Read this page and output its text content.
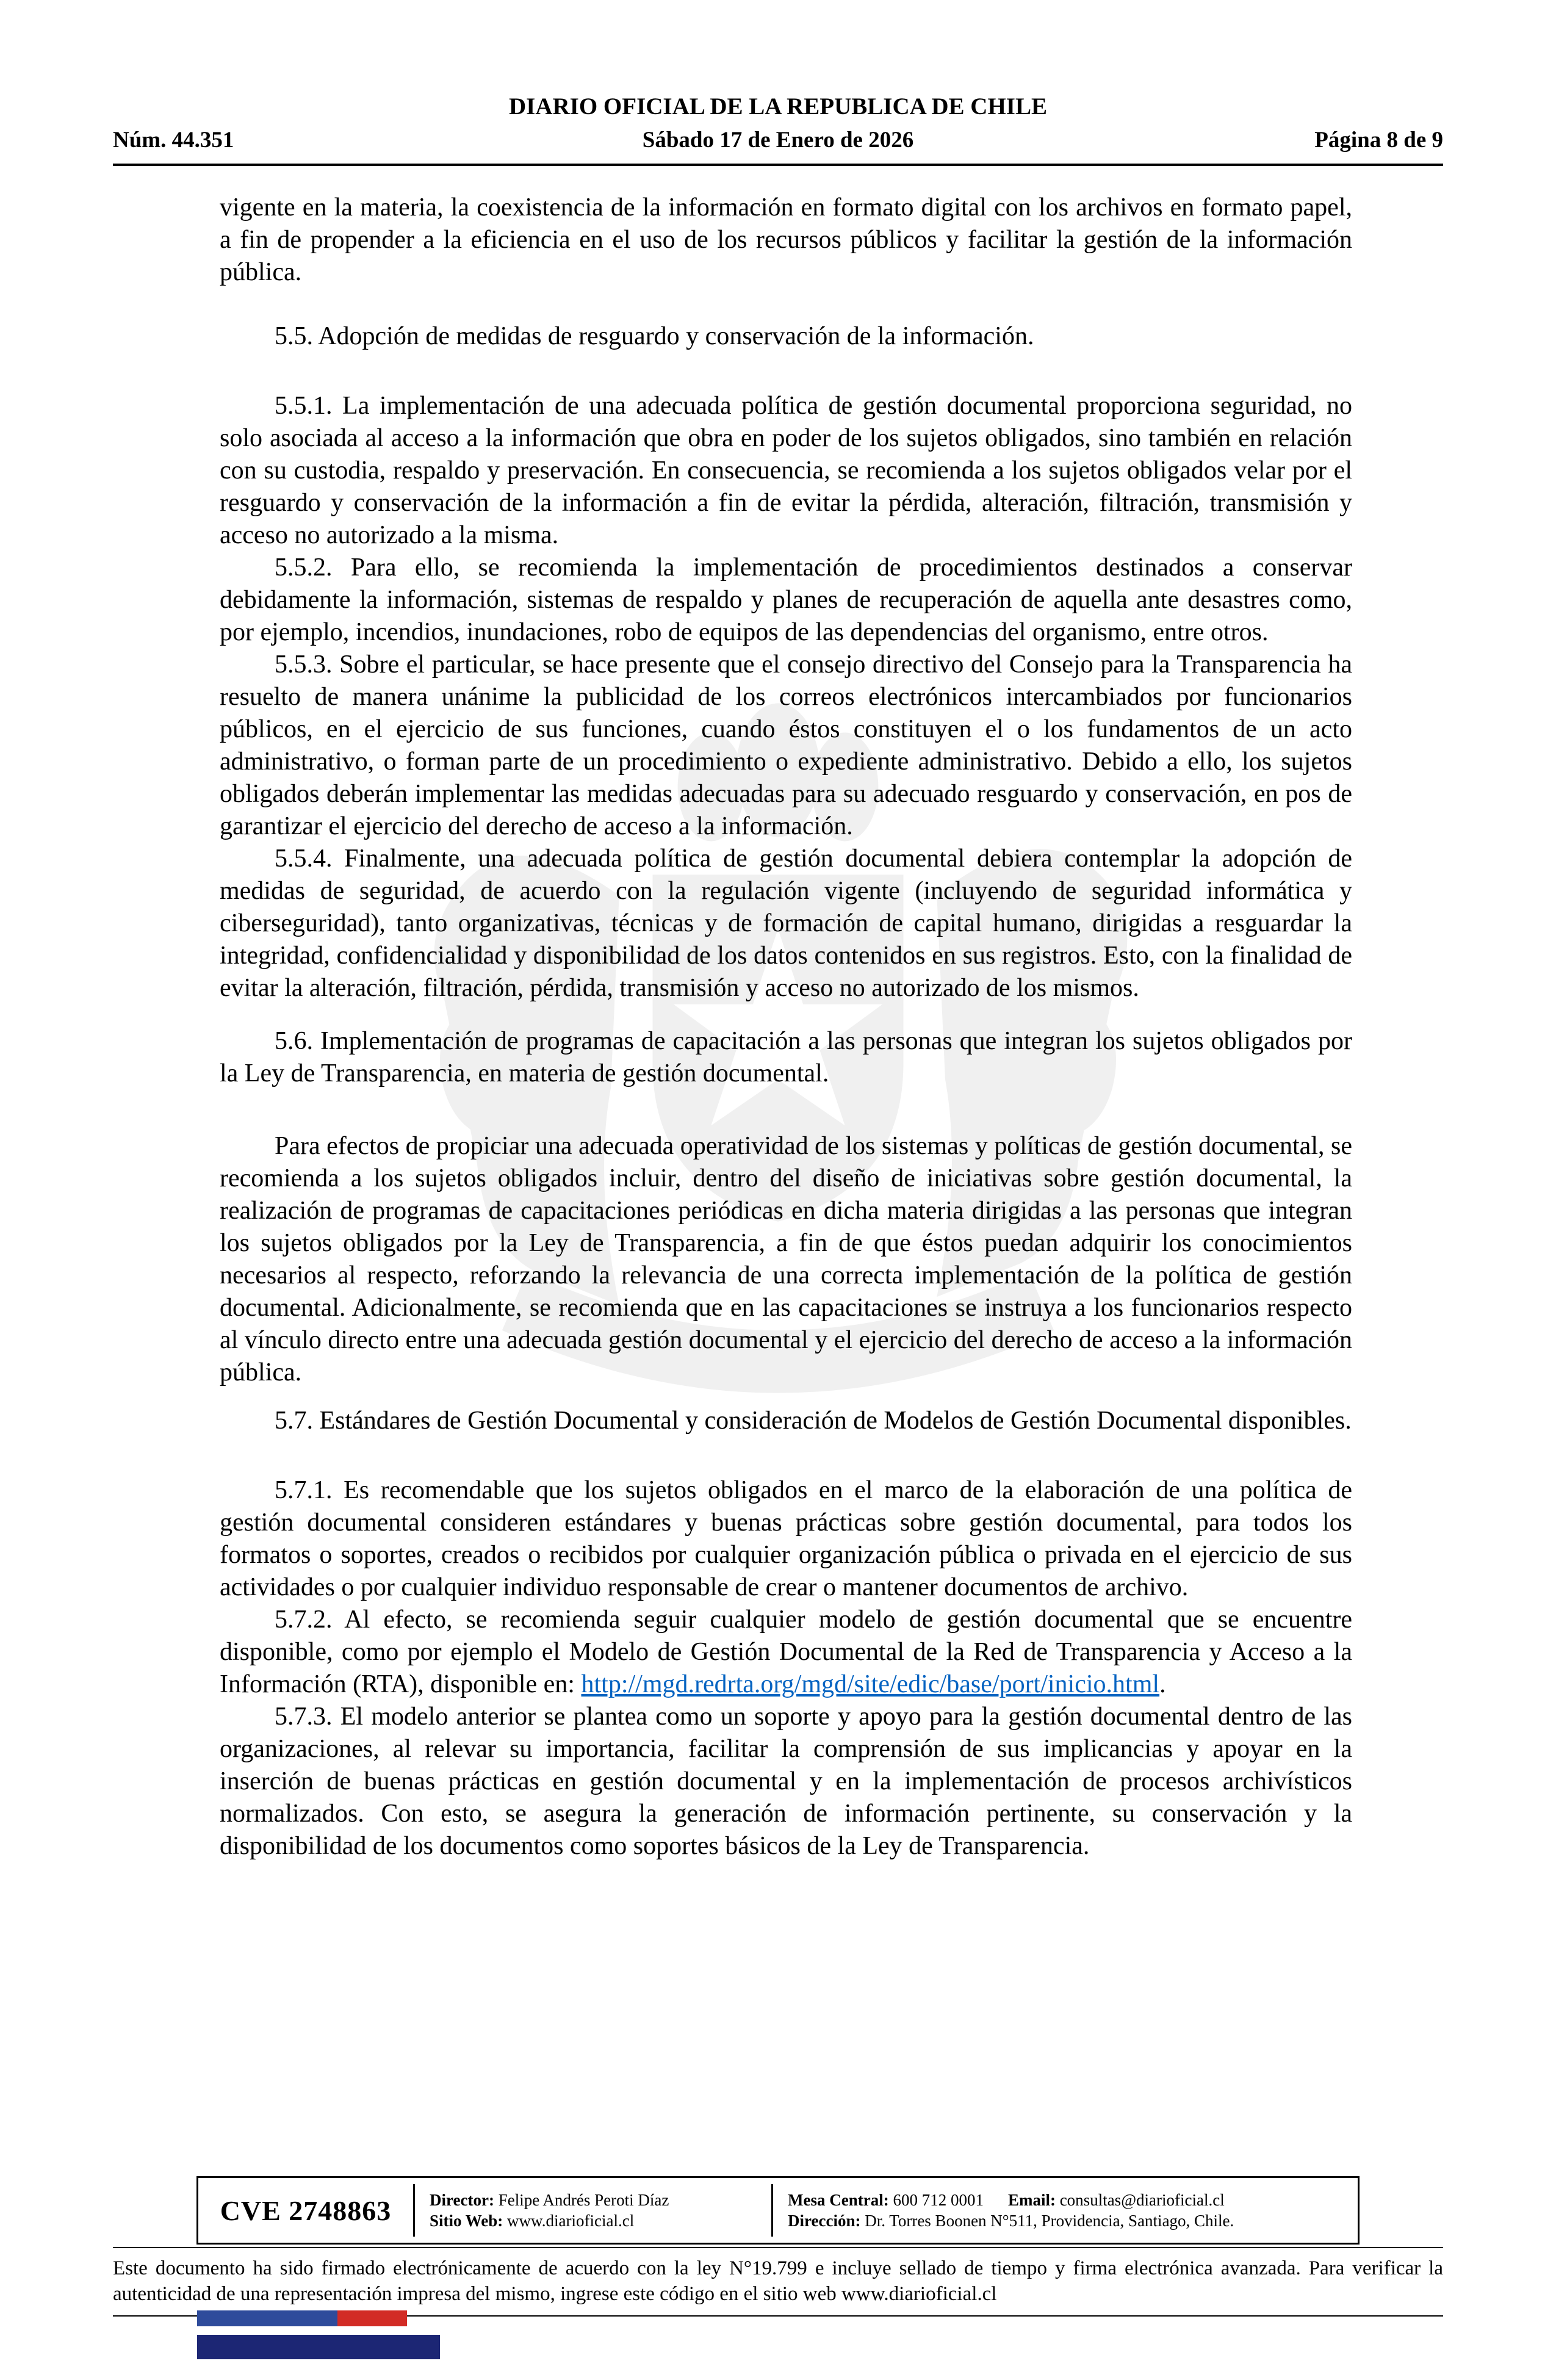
DIARIO OFICIAL DE LA REPUBLICA DE CHILE
Núm. 44.351	Sábado 17 de Enero de 2026	Página 8 de 9

vigente en la materia, la coexistencia de la información en formato digital con los archivos en formato papel, a fin de propender a la eficiencia en el uso de los recursos públicos y facilitar la gestión de la información pública.

5.5. Adopción de medidas de resguardo y conservación de la información.

5.5.1. La implementación de una adecuada política de gestión documental proporciona seguridad, no solo asociada al acceso a la información que obra en poder de los sujetos obligados, sino también en relación con su custodia, respaldo y preservación. En consecuencia, se recomienda a los sujetos obligados velar por el resguardo y conservación de la información a fin de evitar la pérdida, alteración, filtración, transmisión y acceso no autorizado a la misma.

5.5.2. Para ello, se recomienda la implementación de procedimientos destinados a conservar debidamente la información, sistemas de respaldo y planes de recuperación de aquella ante desastres como, por ejemplo, incendios, inundaciones, robo de equipos de las dependencias del organismo, entre otros.

5.5.3. Sobre el particular, se hace presente que el consejo directivo del Consejo para la Transparencia ha resuelto de manera unánime la publicidad de los correos electrónicos intercambiados por funcionarios públicos, en el ejercicio de sus funciones, cuando éstos constituyen el o los fundamentos de un acto administrativo, o forman parte de un procedimiento o expediente administrativo. Debido a ello, los sujetos obligados deberán implementar las medidas adecuadas para su adecuado resguardo y conservación, en pos de garantizar el ejercicio del derecho de acceso a la información.

5.5.4. Finalmente, una adecuada política de gestión documental debiera contemplar la adopción de medidas de seguridad, de acuerdo con la regulación vigente (incluyendo de seguridad informática y ciberseguridad), tanto organizativas, técnicas y de formación de capital humano, dirigidas a resguardar la integridad, confidencialidad y disponibilidad de los datos contenidos en sus registros. Esto, con la finalidad de evitar la alteración, filtración, pérdida, transmisión y acceso no autorizado de los mismos.

5.6. Implementación de programas de capacitación a las personas que integran los sujetos obligados por la Ley de Transparencia, en materia de gestión documental.

Para efectos de propiciar una adecuada operatividad de los sistemas y políticas de gestión documental, se recomienda a los sujetos obligados incluir, dentro del diseño de iniciativas sobre gestión documental, la realización de programas de capacitaciones periódicas en dicha materia dirigidas a las personas que integran los sujetos obligados por la Ley de Transparencia, a fin de que éstos puedan adquirir los conocimientos necesarios al respecto, reforzando la relevancia de una correcta implementación de la política de gestión documental. Adicionalmente, se recomienda que en las capacitaciones se instruya a los funcionarios respecto al vínculo directo entre una adecuada gestión documental y el ejercicio del derecho de acceso a la información pública.

5.7. Estándares de Gestión Documental y consideración de Modelos de Gestión Documental disponibles.

5.7.1. Es recomendable que los sujetos obligados en el marco de la elaboración de una política de gestión documental consideren estándares y buenas prácticas sobre gestión documental, para todos los formatos o soportes, creados o recibidos por cualquier organización pública o privada en el ejercicio de sus actividades o por cualquier individuo responsable de crear o mantener documentos de archivo.

5.7.2. Al efecto, se recomienda seguir cualquier modelo de gestión documental que se encuentre disponible, como por ejemplo el Modelo de Gestión Documental de la Red de Transparencia y Acceso a la Información (RTA), disponible en: http://mgd.redrta.org/mgd/site/edic/base/port/inicio.html.

5.7.3. El modelo anterior se plantea como un soporte y apoyo para la gestión documental dentro de las organizaciones, al relevar su importancia, facilitar la comprensión de sus implicancias y apoyar en la inserción de buenas prácticas en gestión documental y en la implementación de procesos archivísticos normalizados. Con esto, se asegura la generación de información pertinente, su conservación y la disponibilidad de los documentos como soportes básicos de la Ley de Transparencia.

CVE 2748863 Director: Felipe Andrés Peroti Díaz
Sitio Web: www.diarioficial.cl
Mesa Central: 600 712 0001 Email: consultas@diarioficial.cl
Dirección: Dr. Torres Boonen N°511, Providencia, Santiago, Chile.
Este documento ha sido firmado electrónicamente de acuerdo con la ley N°19.799 e incluye sellado de tiempo y firma electrónica avanzada. Para verificar la autenticidad de una representación impresa del mismo, ingrese este código en el sitio web www.diarioficial.cl
